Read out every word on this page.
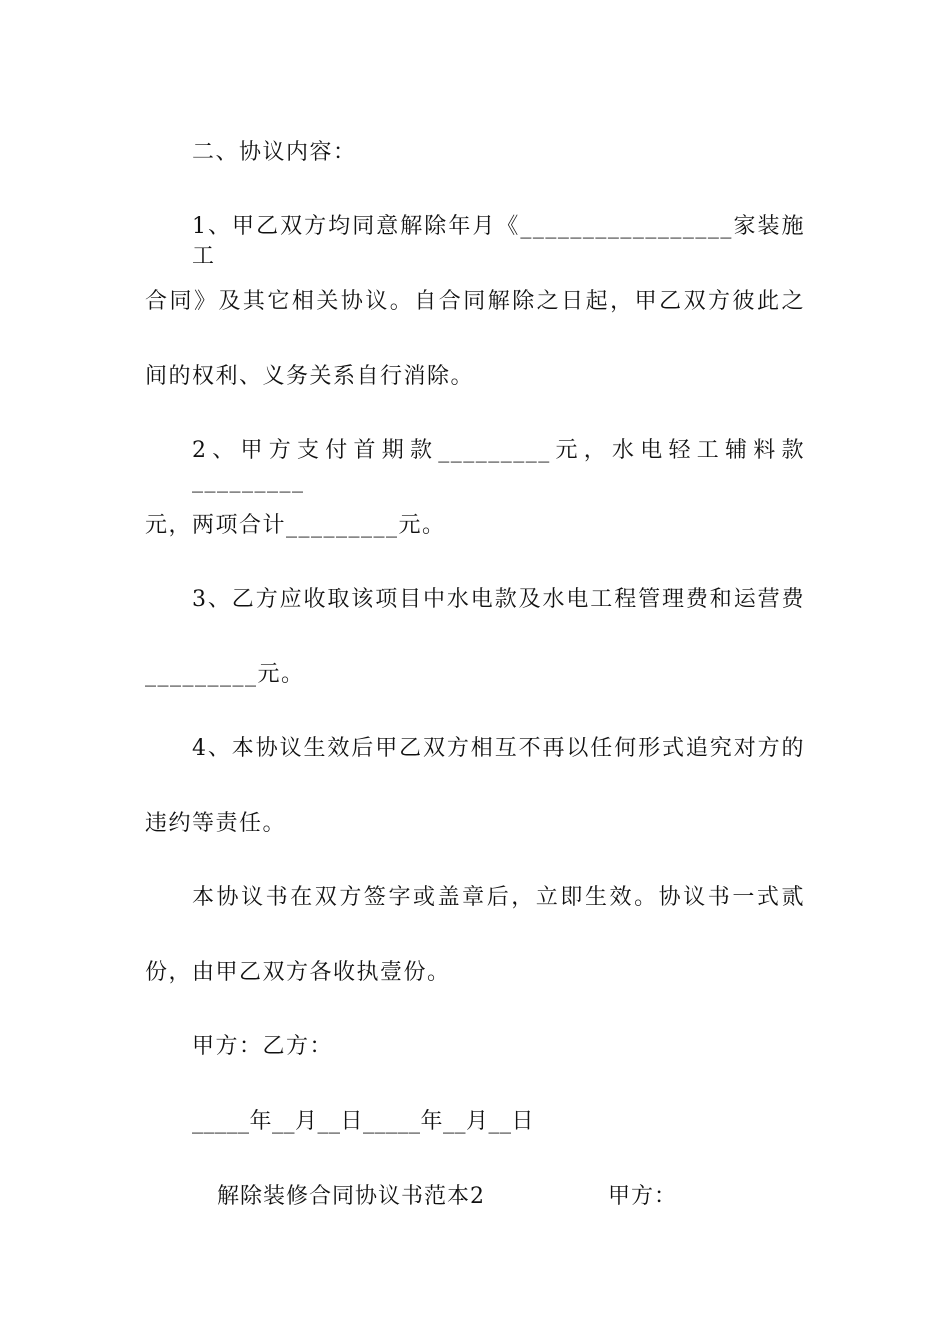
二、协议内容：
1、甲乙双方均同意解除年月《_________________家装施工
合同》及其它相关协议。自合同解除之日起，甲乙双方彼此之
间的权利、义务关系自行消除。
2、甲方支付首期款_________元，水电轻工辅料款_________
元，两项合计_________元。
3、乙方应收取该项目中水电款及水电工程管理费和运营费
_________元。
4、本协议生效后甲乙双方相互不再以任何形式追究对方的
违约等责任。
本协议书在双方签字或盖章后，立即生效。协议书一式贰
份，由甲乙双方各收执壹份。
甲方：乙方：
_____年__月__日_____年__月__日
解除装修合同协议书范本2	甲方：
